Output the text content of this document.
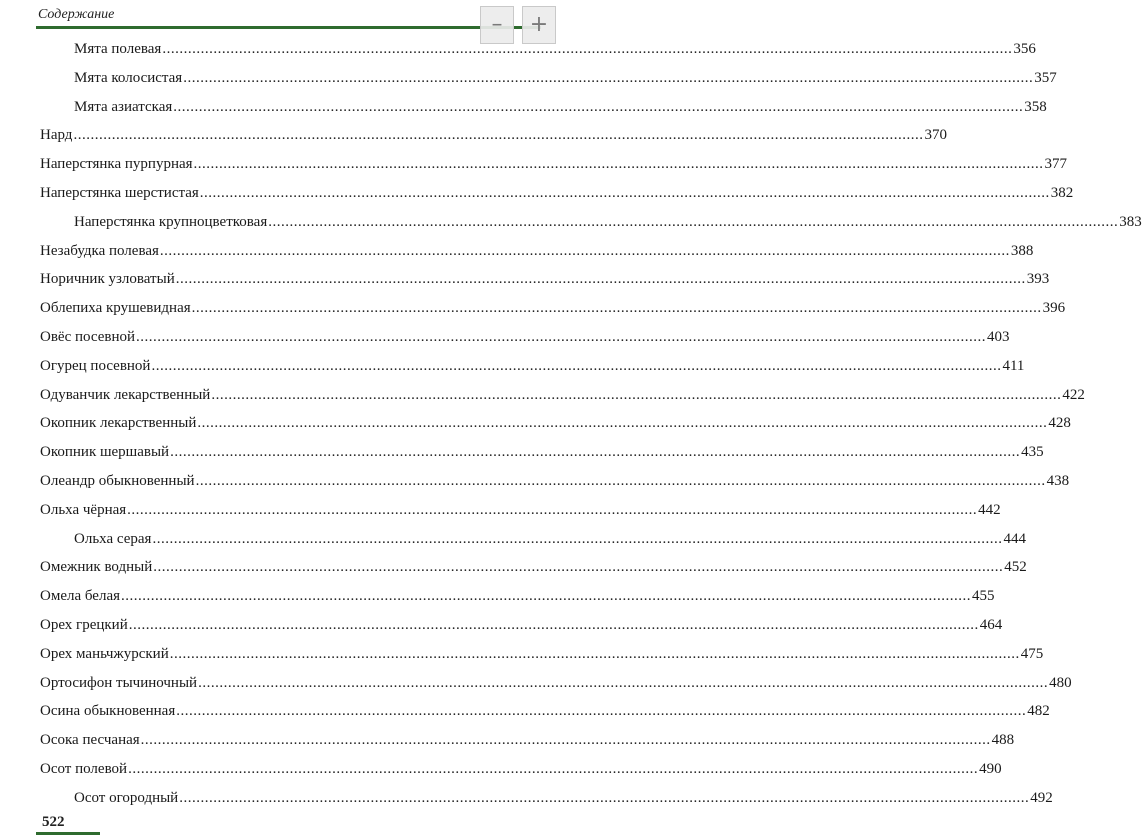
Содержание	–	+
Мята полевая ........................................................................................................................................................................................................ 356
Мята колосистая ........................................................................................................................................................................................................ 357
Мята азиатская ........................................................................................................................................................................................................ 358
Нард ........................................................................................................................................................................................................ 370
Наперстянка пурпурная ........................................................................................................................................................................................................ 377
Наперстянка шерстистая ........................................................................................................................................................................................................ 382
Наперстянка крупноцветковая ........................................................................................................................................................................................................ 383
Незабудка полевая ........................................................................................................................................................................................................ 388
Норичник узловатый ........................................................................................................................................................................................................ 393
Облепиха крушевидная ........................................................................................................................................................................................................ 396
Овёс посевной ........................................................................................................................................................................................................ 403
Огурец посевной ........................................................................................................................................................................................................ 411
Одуванчик лекарственный ........................................................................................................................................................................................................ 422
Окопник лекарственный ........................................................................................................................................................................................................ 428
Окопник шершавый ........................................................................................................................................................................................................ 435
Олеандр обыкновенный ........................................................................................................................................................................................................ 438
Ольха чёрная ........................................................................................................................................................................................................ 442
Ольха серая ........................................................................................................................................................................................................ 444
Омежник водный ........................................................................................................................................................................................................ 452
Омела белая ........................................................................................................................................................................................................ 455
Орех грецкий ........................................................................................................................................................................................................ 464
Орех маньчжурский ........................................................................................................................................................................................................ 475
Ортосифон тычиночный ........................................................................................................................................................................................................ 480
Осина обыкновенная ........................................................................................................................................................................................................ 482
Осока песчаная ........................................................................................................................................................................................................ 488
Осот полевой ........................................................................................................................................................................................................ 490
Осот огородный ........................................................................................................................................................................................................ 492
522
